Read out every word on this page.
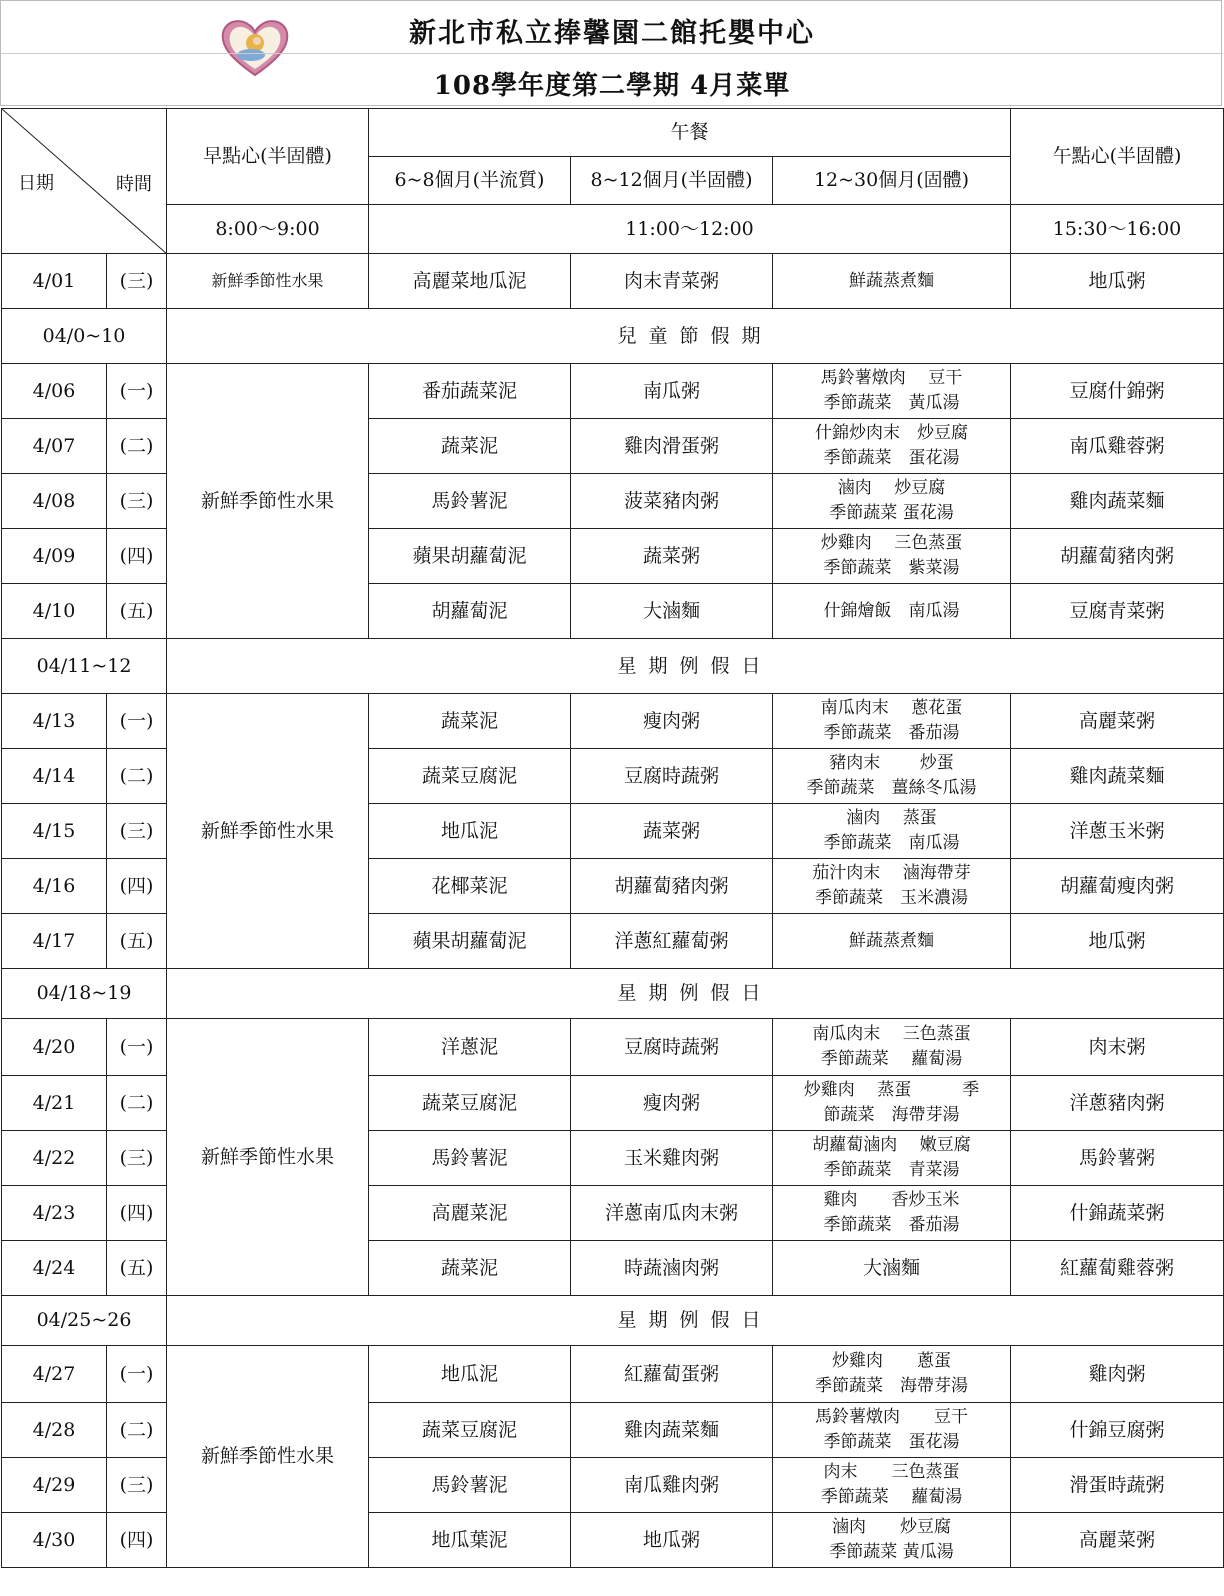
新北市私立捧馨園二館托嬰中心
108學年度第二學期 4月菜單
日期 時間		早點心(半固體)	午餐			午點心(半固體)
			6~8個月(半流質)	8~12個月(半固體)	12~30個月(固體)	
		8:00～9:00	11:00～12:00			15:30～16:00
4/01	(三)	新鮮季節性水果	高麗菜地瓜泥	肉末青菜粥	鮮蔬蒸煮麵	地瓜粥
04/0~10		兒童節假期				
4/06	(一)	新鮮季節性水果	番茄蔬菜泥	南瓜粥	馬鈴薯燉肉　 豆干
季節蔬菜　黃瓜湯	豆腐什錦粥
4/07	(二)		蔬菜泥	雞肉滑蛋粥	什錦炒肉末　炒豆腐
季節蔬菜　蛋花湯	南瓜雞蓉粥
4/08	(三)		馬鈴薯泥	菠菜豬肉粥	滷肉　 炒豆腐
季節蔬菜 蛋花湯	雞肉蔬菜麵
4/09	(四)		蘋果胡蘿蔔泥	蔬菜粥	炒雞肉　 三色蒸蛋
季節蔬菜　紫菜湯	胡蘿蔔豬肉粥
4/10	(五)		胡蘿蔔泥	大滷麵	什錦燴飯　南瓜湯	豆腐青菜粥
04/11~12		星期例假日				
4/13	(一)	新鮮季節性水果	蔬菜泥	瘦肉粥	南瓜肉末　 蔥花蛋
季節蔬菜　番茄湯	高麗菜粥
4/14	(二)		蔬菜豆腐泥	豆腐時蔬粥	豬肉末　　 炒蛋
季節蔬菜　薑絲冬瓜湯	雞肉蔬菜麵
4/15	(三)		地瓜泥	蔬菜粥	滷肉　 蒸蛋
季節蔬菜　南瓜湯	洋蔥玉米粥
4/16	(四)		花椰菜泥	胡蘿蔔豬肉粥	茄汁肉末　 滷海帶芽
季節蔬菜　玉米濃湯	胡蘿蔔瘦肉粥
4/17	(五)		蘋果胡蘿蔔泥	洋蔥紅蘿蔔粥	鮮蔬蒸煮麵	地瓜粥
04/18~19		星期例假日				
4/20	(一)	新鮮季節性水果	洋蔥泥	豆腐時蔬粥	南瓜肉末　 三色蒸蛋
季節蔬菜　 蘿蔔湯	肉末粥
4/21	(二)		蔬菜豆腐泥	瘦肉粥	炒雞肉　 蒸蛋　　　季
節蔬菜　海帶芽湯	洋蔥豬肉粥
4/22	(三)		馬鈴薯泥	玉米雞肉粥	胡蘿蔔滷肉　 嫩豆腐
季節蔬菜　青菜湯	馬鈴薯粥
4/23	(四)		高麗菜泥	洋蔥南瓜肉末粥	雞肉　　香炒玉米
季節蔬菜　番茄湯	什錦蔬菜粥
4/24	(五)		蔬菜泥	時蔬滷肉粥	大滷麵	紅蘿蔔雞蓉粥
04/25~26		星期例假日				
4/27	(一)	新鮮季節性水果	地瓜泥	紅蘿蔔蛋粥	炒雞肉　　蔥蛋
季節蔬菜　海帶芽湯	雞肉粥
4/28	(二)		蔬菜豆腐泥	雞肉蔬菜麵	馬鈴薯燉肉　　豆干
季節蔬菜　蛋花湯	什錦豆腐粥
4/29	(三)		馬鈴薯泥	南瓜雞肉粥	肉末　　三色蒸蛋
季節蔬菜　 蘿蔔湯	滑蛋時蔬粥
4/30	(四)		地瓜葉泥	地瓜粥	滷肉　　炒豆腐
季節蔬菜 黃瓜湯	高麗菜粥
